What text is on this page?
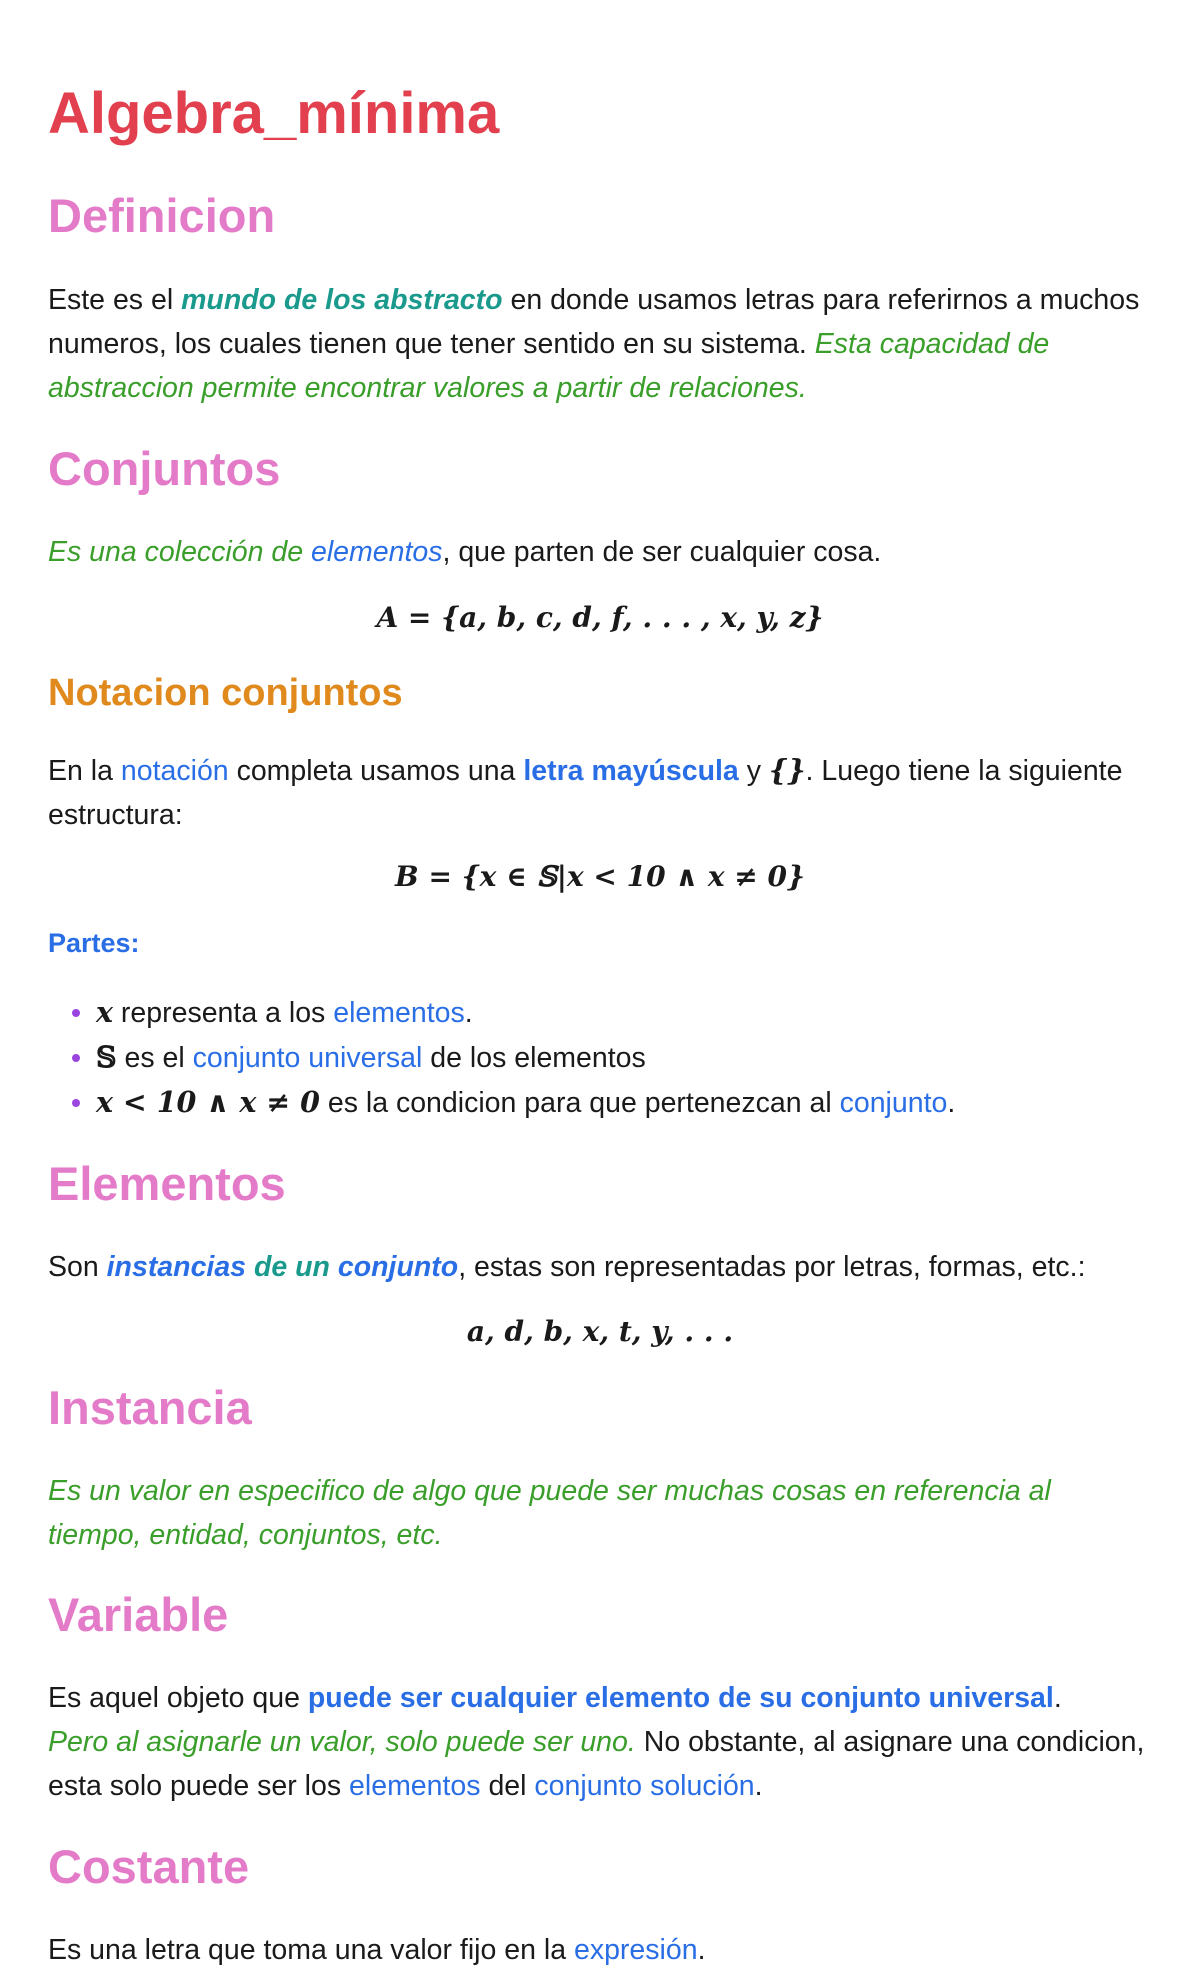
Algebra_mínima
Definicion

Este es el mundo de los abstracto en donde usamos letras para referirnos a muchos numeros, los cuales tienen que tener sentido en su sistema. Esta capacidad de abstraccion permite encontrar valores a partir de relaciones.

Conjuntos

Es una colección de elementos, que parten de ser cualquier cosa.

A = {a, b, c, d, f, . . . , x, y, z}
Notacion conjuntos

En la notación completa usamos una letra mayúscula y {}. Luego tiene la siguiente estructura:

B = {x ∈ 𝕊|x < 10 ∧ x ≠ 0}
Partes:
x representa a los elementos.
𝕊 es el conjunto universal de los elementos
x < 10 ∧ x ≠ 0 es la condicion para que pertenezcan al conjunto.
Elementos

Son instancias de un conjunto, estas son representadas por letras, formas, etc.:

a, d, b, x, t, y, . . .
Instancia

Es un valor en especifico de algo que puede ser muchas cosas en referencia al tiempo, entidad, conjuntos, etc.

Variable

Es aquel objeto que puede ser cualquier elemento de su conjunto universal.
Pero al asignarle un valor, solo puede ser uno. No obstante, al asignare una condicion, esta solo puede ser los elementos del conjunto solución.

Costante

Es una letra que toma una valor fijo en la expresión.
